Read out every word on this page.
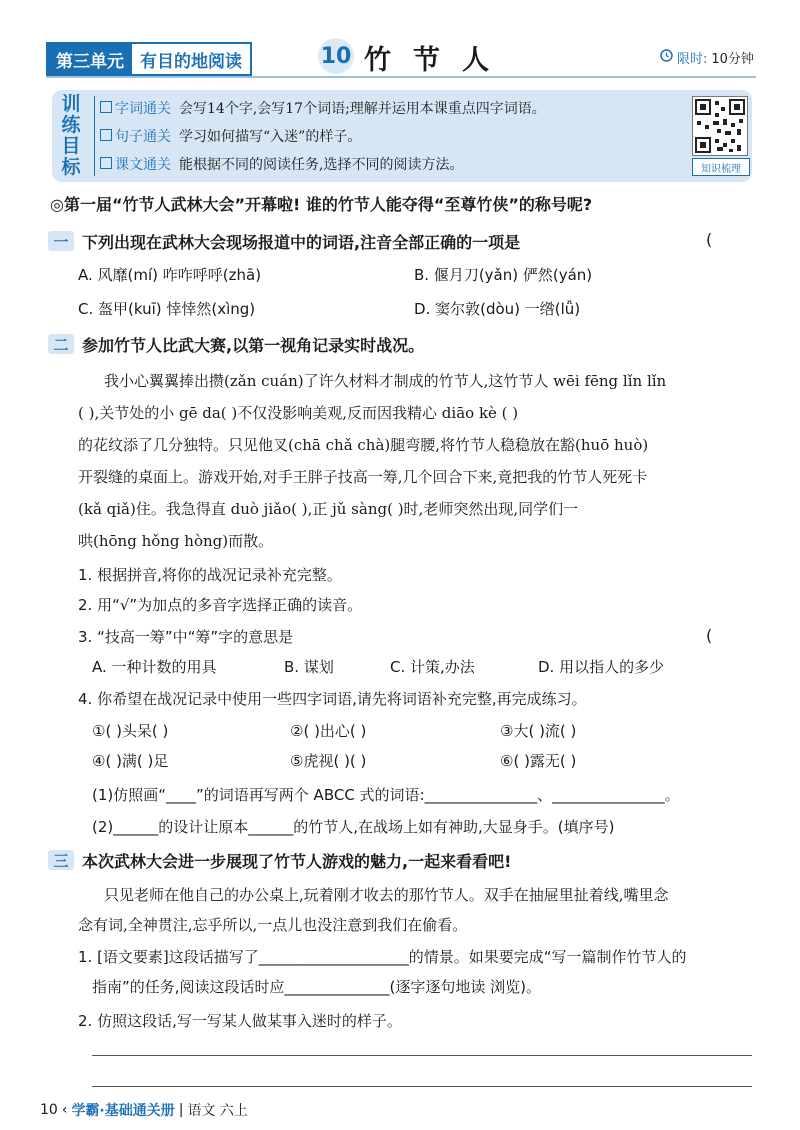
第三单元 有目的地阅读	10 竹节人	限时: 10分钟
训
练
目
标
字词通关 会写14个字,会写17个词语;理解并运用本课重点四字词语。
句子通关 学习如何描写“入迷”的样子。
课文通关 能根据不同的阅读任务,选择不同的阅读方法。	知识梳理
◎第一届“竹节人武林大会”开幕啦! 谁的竹节人能夺得“至尊竹侠”的称号呢?
一 下列出现在武林大会现场报道中的词语,注音全部正确的一项是	(
A. 风靡(mí) 咋咋呼呼(zhā)	B. 偃月刀(yǎn) 俨然(yán)
C. 盔甲(kuī) 悻悻然(xìng)	D. 窦尔敦(dòu) 一绺(lǚ)
二 参加竹节人比武大赛,以第一视角记录实时战况。
我小心翼翼捧出攒(zǎn cuán)了许久材料才制成的竹节人,这竹节人 wēi fēng lǐn lǐn
( ),关节处的小 gē da( )不仅没影响美观,反而因我精心 diāo kè ( )
的花纹添了几分独特。只见他叉(chā chǎ chà)腿弯腰,将竹节人稳稳放在豁(huō huò)
开裂缝的桌面上。游戏开始,对手王胖子技高一筹,几个回合下来,竟把我的竹节人死死卡
(kǎ qiǎ)住。我急得直 duò jiǎo( ),正 jǔ sàng( )时,老师突然出现,同学们一
哄(hōng hǒng hòng)而散。
1. 根据拼音,将你的战况记录补充完整。
2. 用“√”为加点的多音字选择正确的读音。
3. “技高一筹”中“筹”字的意思是	(
A. 一种计数的用具	B. 谋划	C. 计策,办法	D. 用以指人的多少
4. 你希望在战况记录中使用一些四字词语,请先将词语补充完整,再完成练习。
①( )头呆( )	②( )出心( )	③大( )流( )
④( )满( )足	⑤虎视( )( )	⑥( )露无( )
(1)仿照画“____”的词语再写两个 ABCC 式的词语:_______________、_______________。
(2)______的设计让原本______的竹节人,在战场上如有神助,大显身手。(填序号)
三 本次武林大会进一步展现了竹节人游戏的魅力,一起来看看吧!
只见老师在他自己的办公桌上,玩着刚才收去的那竹节人。双手在抽屉里扯着线,嘴里念
念有词,全神贯注,忘乎所以,一点儿也没注意到我们在偷看。
1. [语文要素]这段话描写了____________________的情景。如果要完成“写一篇制作竹节人的
指南”的任务,阅读这段话时应______________(逐字逐句地读 浏览)。
2. 仿照这段话,写一写某人做某事入迷时的样子。
10 ‹ 学霸·基础通关册 | 语文 六上
